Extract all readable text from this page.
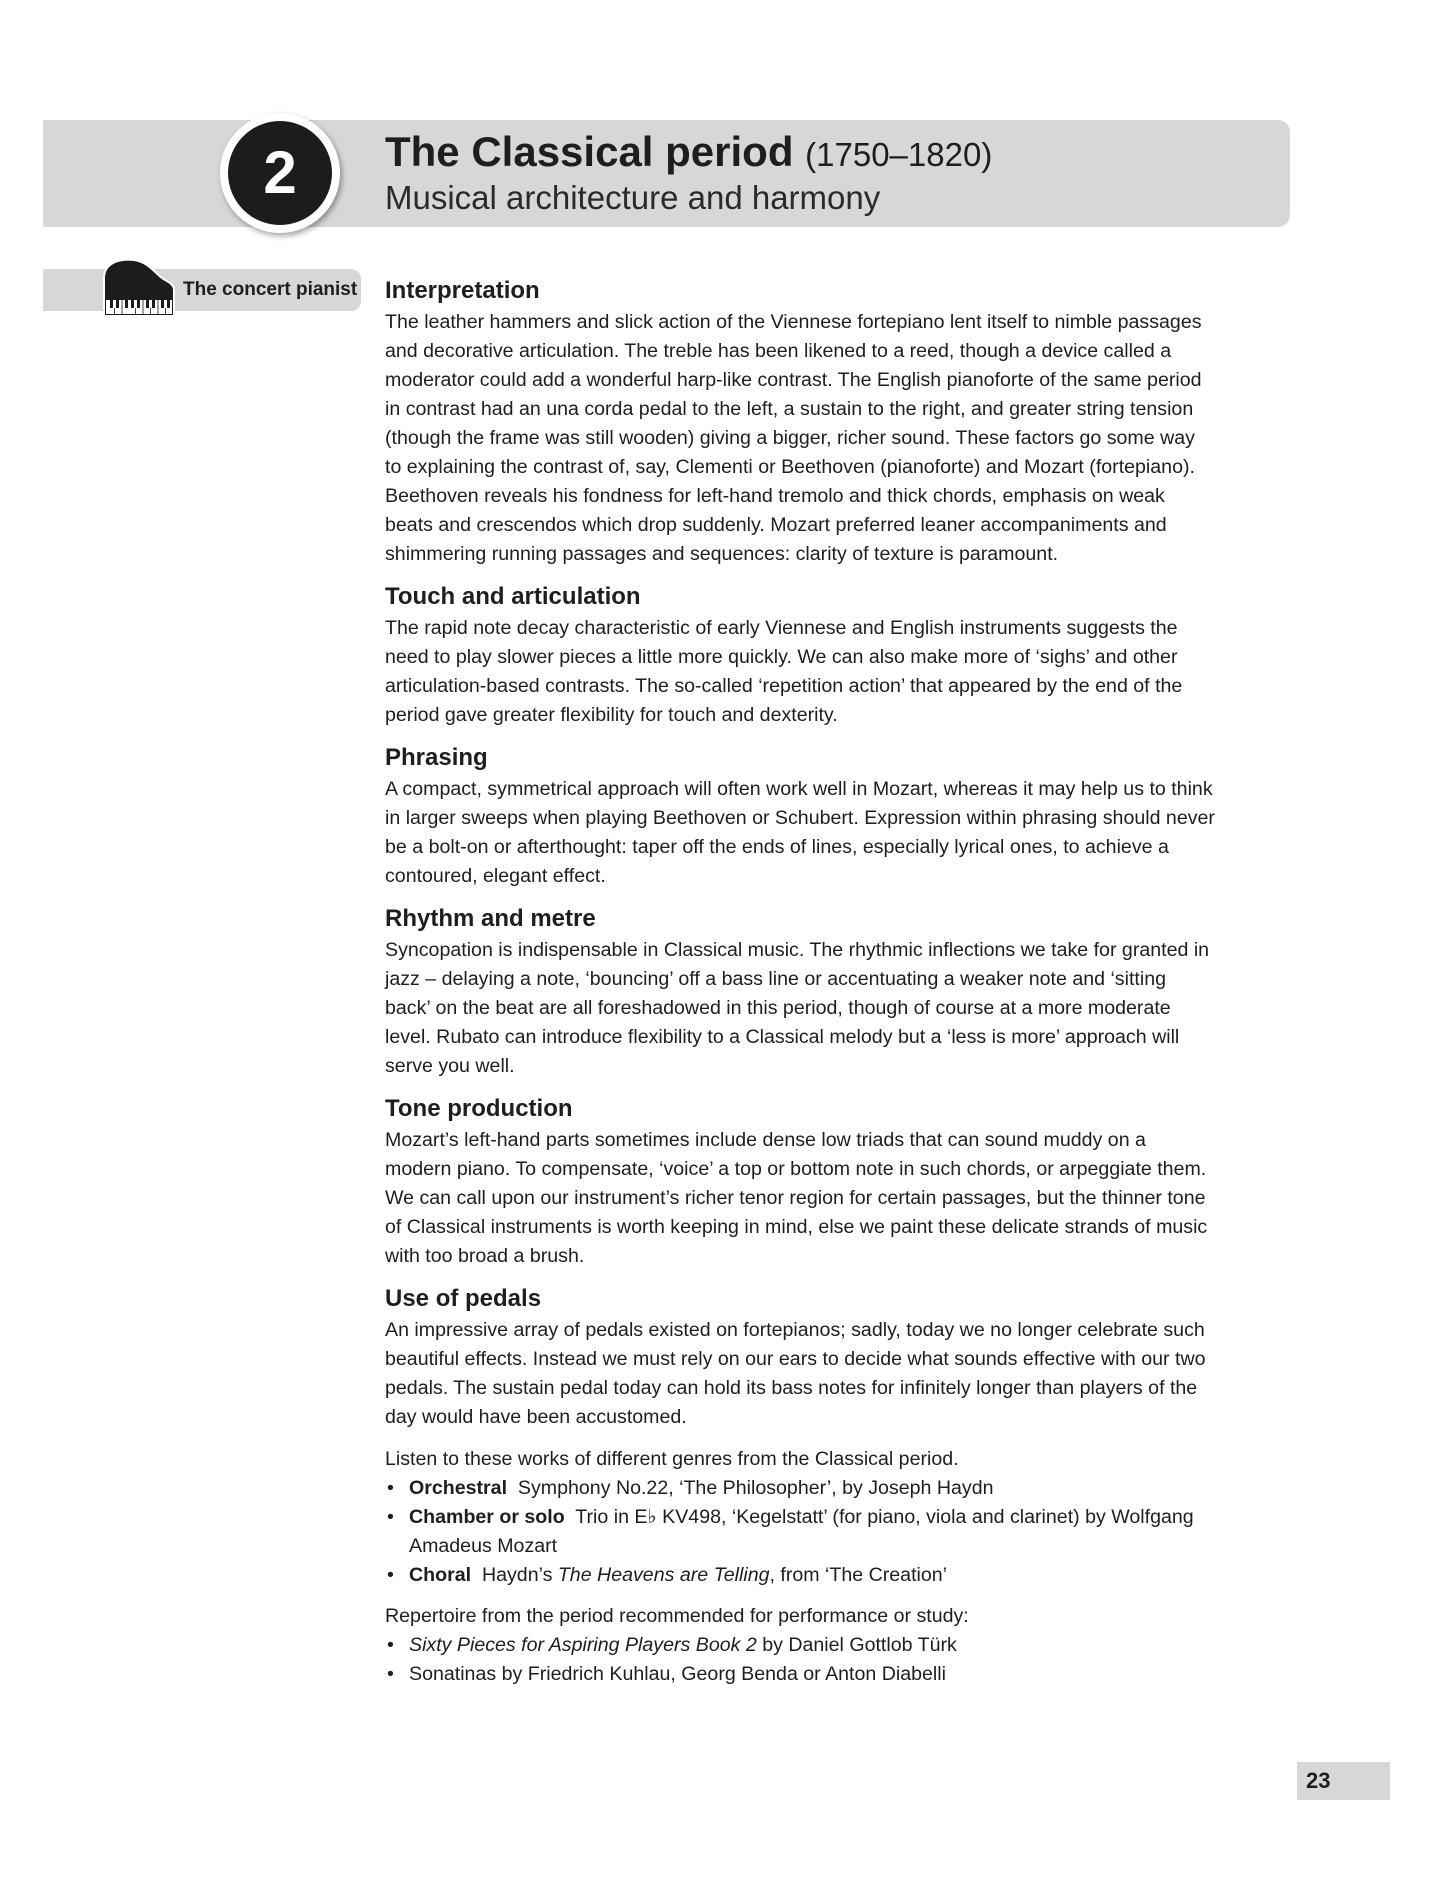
2	The Classical period (1750–1820)
Musical architecture and harmony
The concert pianist Interpretation
The leather hammers and slick action of the Viennese fortepiano lent itself to nimble passages and decorative articulation. The treble has been likened to a reed, though a device called a moderator could add a wonderful harp-like contrast. The English pianoforte of the same period in contrast had an una corda pedal to the left, a sustain to the right, and greater string tension (though the frame was still wooden) giving a bigger, richer sound. These factors go some way to explaining the contrast of, say, Clementi or Beethoven (pianoforte) and Mozart (fortepiano). Beethoven reveals his fondness for left-hand tremolo and thick chords, emphasis on weak beats and crescendos which drop suddenly. Mozart preferred leaner accompaniments and shimmering running passages and sequences: clarity of texture is paramount.
Touch and articulation
The rapid note decay characteristic of early Viennese and English instruments suggests the need to play slower pieces a little more quickly. We can also make more of ‘sighs’ and other articulation-based contrasts. The so-called ‘repetition action’ that appeared by the end of the period gave greater flexibility for touch and dexterity.
Phrasing
A compact, symmetrical approach will often work well in Mozart, whereas it may help us to think in larger sweeps when playing Beethoven or Schubert. Expression within phrasing should never be a bolt-on or afterthought: taper off the ends of lines, especially lyrical ones, to achieve a contoured, elegant effect.
Rhythm and metre
Syncopation is indispensable in Classical music. The rhythmic inflections we take for granted in jazz – delaying a note, ‘bouncing’ off a bass line or accentuating a weaker note and ‘sitting back’ on the beat are all foreshadowed in this period, though of course at a more moderate level. Rubato can introduce flexibility to a Classical melody but a ‘less is more’ approach will serve you well.
Tone production
Mozart’s left-hand parts sometimes include dense low triads that can sound muddy on a modern piano. To compensate, ‘voice’ a top or bottom note in such chords, or arpeggiate them. We can call upon our instrument’s richer tenor region for certain passages, but the thinner tone of Classical instruments is worth keeping in mind, else we paint these delicate strands of music with too broad a brush.
Use of pedals
An impressive array of pedals existed on fortepianos; sadly, today we no longer celebrate such beautiful effects. Instead we must rely on our ears to decide what sounds effective with our two pedals. The sustain pedal today can hold its bass notes for infinitely longer than players of the day would have been accustomed.
Listen to these works of different genres from the Classical period.
• Orchestral Symphony No.22, ‘The Philosopher’, by Joseph Haydn
• Chamber or solo Trio in E♭ KV498, ‘Kegelstatt’ (for piano, viola and clarinet) by Wolfgang Amadeus Mozart
• Choral Haydn’s The Heavens are Telling, from ‘The Creation’
Repertoire from the period recommended for performance or study:
• Sixty Pieces for Aspiring Players Book 2 by Daniel Gottlob Türk
• Sonatinas by Friedrich Kuhlau, Georg Benda or Anton Diabelli
23
